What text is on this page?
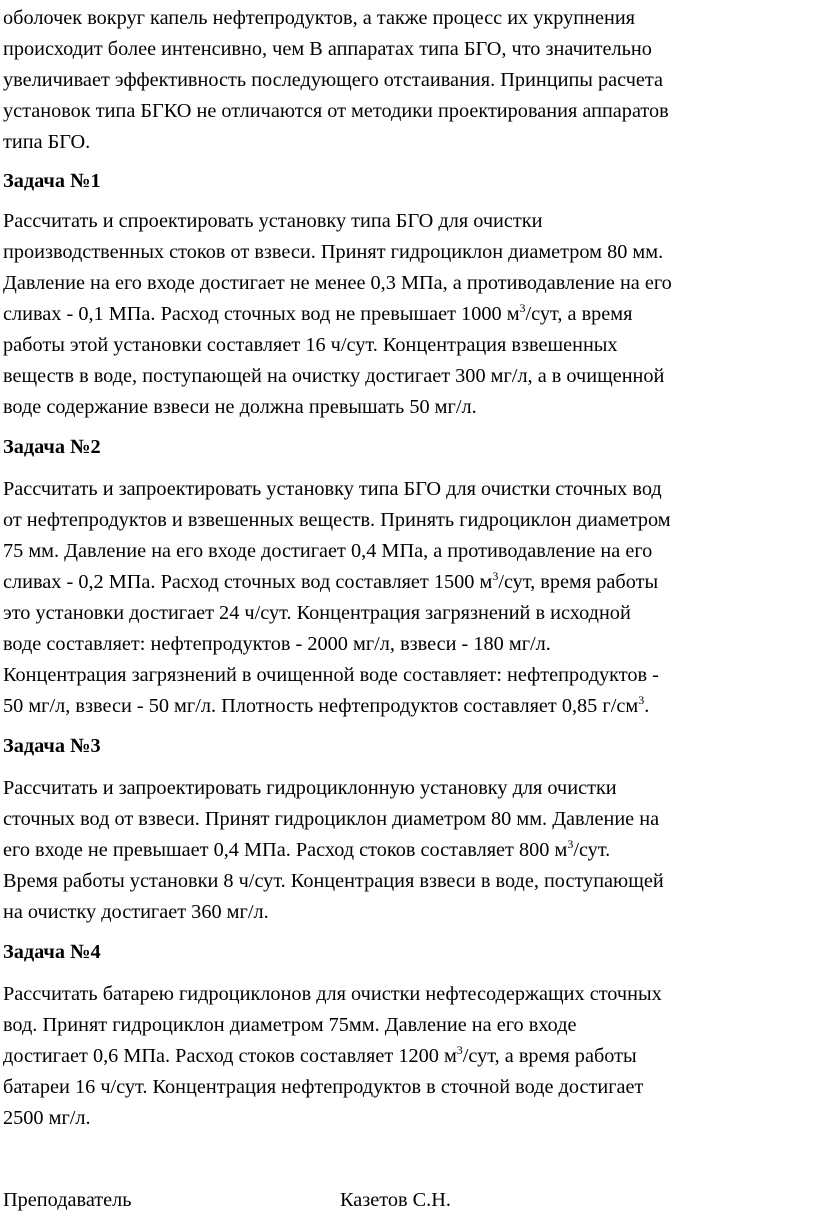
оболочек вокруг капель нефтепродуктов, а также процесс их укрупнения
происходит более интенсивно, чем В аппаратах типа БГО, что значительно
увеличивает эффективность последующего отстаивания. Принципы расчета
установок типа БГКО не отличаются от методики проектирования аппаратов
типа БГО.
Задача №1
Рассчитать и спроектировать установку типа БГО для очистки
производственных стоков от взвеси. Принят гидроциклон диаметром 80 мм.
Давление на его входе достигает не менее 0,3 МПа, а противодавление на его
сливах - 0,1 МПа. Расход сточных вод не превышает 1000 $м^3$/сут, а время
работы этой установки составляет 16 ч/сут. Концентрация взвешенных
веществ в воде, поступающей на очистку достигает 300 мг/л, а в очищенной
воде содержание взвеси не должна превышать 50 мг/л.
Задача №2
Рассчитать и запроектировать установку типа БГО для очистки сточных вод
от нефтепродуктов и взвешенных веществ. Принять гидроциклон диаметром
75 мм. Давление на его входе достигает 0,4 МПа, а противодавление на его
сливах - 0,2 МПа. Расход сточных вод составляет 1500 $м^3$/сут, время работы
это установки достигает 24 ч/сут. Концентрация загрязнений в исходной
воде составляет: нефтепродуктов - 2000 мг/л, взвеси - 180 мг/л.
Концентрация загрязнений в очищенной воде составляет: нефтепродуктов -
50 мг/л, взвеси - 50 мг/л. Плотность нефтепродуктов составляет 0,85 $г/см^3$.
Задача №3
Рассчитать и запроектировать гидроциклонную установку для очистки
сточных вод от взвеси. Принят гидроциклон диаметром 80 мм. Давление на
его входе не превышает 0,4 МПа. Расход стоков составляет 800 $м^3$/сут.
Время работы установки 8 ч/сут. Концентрация взвеси в воде, поступающей
на очистку достигает 360 мг/л.
Задача №4
Рассчитать батарею гидроциклонов для очистки нефтесодержащих сточных
вод. Принят гидроциклон диаметром 75мм. Давление на его входе
достигает 0,6 МПа. Расход стоков составляет 1200 $м^3$/сут, а время работы
батареи 16 ч/сут. Концентрация нефтепродуктов в сточной воде достигает
2500 мг/л.
Преподаватель	Казетов С.Н.
